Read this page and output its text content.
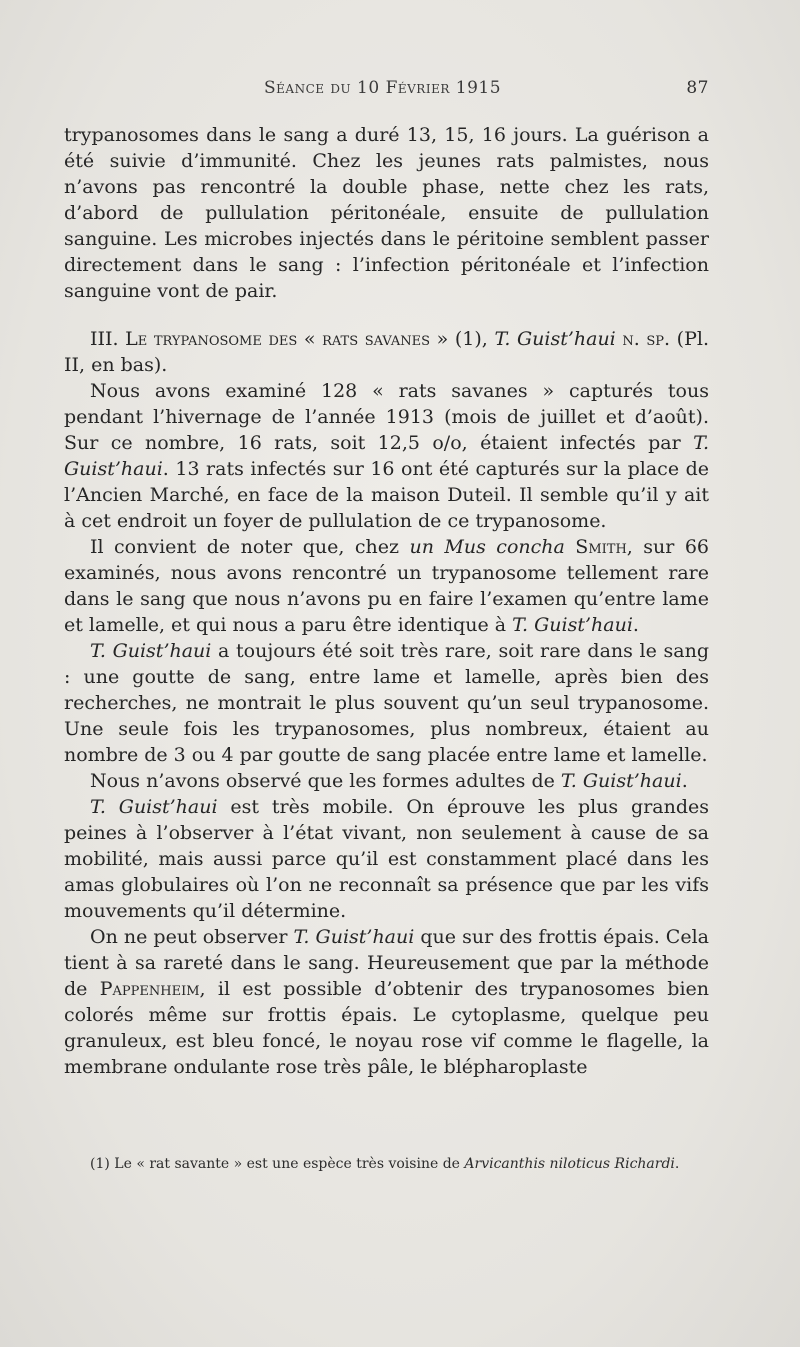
Séance du 10 Février 1915	87

trypanosomes dans le sang a duré 13, 15, 16 jours. La guérison a été suivie d’immunité. Chez les jeunes rats palmistes, nous n’avons pas rencontré la double phase, nette chez les rats, d’abord de pullulation péritonéale, ensuite de pullulation sanguine. Les microbes injectés dans le péritoine semblent passer directement dans le sang : l’infection péritonéale et l’infection sanguine vont de pair.

III. Le trypanosome des « rats savanes » (1), T. Guist’haui n. sp. (Pl. II, en bas).

Nous avons examiné 128 « rats savanes » capturés tous pendant l’hivernage de l’année 1913 (mois de juillet et d’août). Sur ce nombre, 16 rats, soit 12,5 o/o, étaient infectés par T. Guist’haui. 13 rats infectés sur 16 ont été capturés sur la place de l’Ancien Marché, en face de la maison Duteil. Il semble qu’il y ait à cet endroit un foyer de pullulation de ce trypanosome.

Il convient de noter que, chez un Mus concha Smith, sur 66 examinés, nous avons rencontré un trypanosome tellement rare dans le sang que nous n’avons pu en faire l’examen qu’entre lame et lamelle, et qui nous a paru être identique à T. Guist’haui.

T. Guist’haui a toujours été soit très rare, soit rare dans le sang : une goutte de sang, entre lame et lamelle, après bien des recherches, ne montrait le plus souvent qu’un seul trypanosome. Une seule fois les trypanosomes, plus nombreux, étaient au nombre de 3 ou 4 par goutte de sang placée entre lame et lamelle.

Nous n’avons observé que les formes adultes de T. Guist’haui.

T. Guist’haui est très mobile. On éprouve les plus grandes peines à l’observer à l’état vivant, non seulement à cause de sa mobilité, mais aussi parce qu’il est constamment placé dans les amas globulaires où l’on ne reconnaît sa présence que par les vifs mouvements qu’il détermine.

On ne peut observer T. Guist’haui que sur des frottis épais. Cela tient à sa rareté dans le sang. Heureusement que par la méthode de Pappenheim, il est possible d’obtenir des trypanosomes bien colorés même sur frottis épais. Le cytoplasme, quelque peu granuleux, est bleu foncé, le noyau rose vif comme le flagelle, la membrane ondulante rose très pâle, le blépharoplaste

(1) Le « rat savante » est une espèce très voisine de Arvicanthis niloticus Richardi.
